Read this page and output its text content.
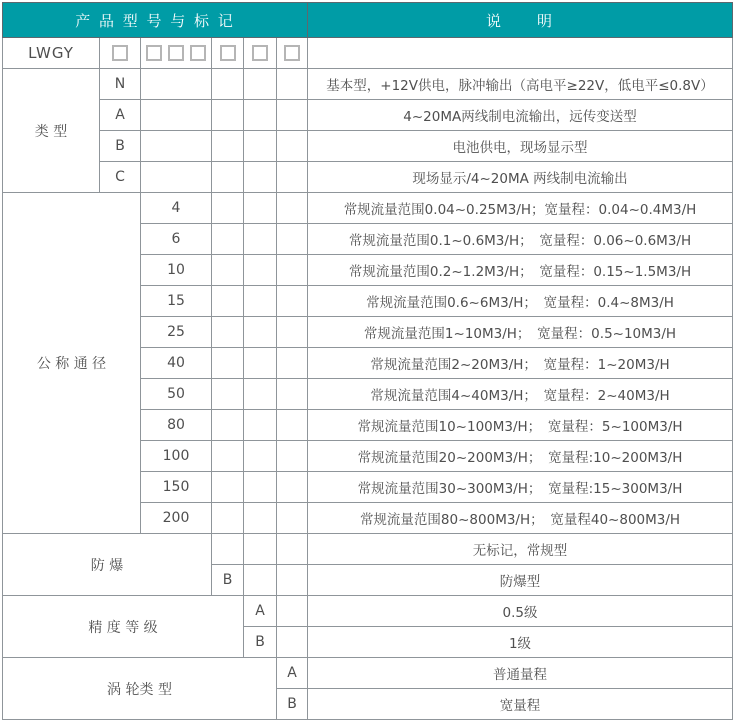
产 品 型 号 与 标 记						说　　明
LWGY						
类 型	N					基本型，+12V供电，脉冲输出（高电平≥22V，低电平≤0.8V）
	A					4~20MA两线制电流输出，远传变送型
	B					电池供电，现场显示型
	C					现场显示/4~20MA 两线制电流输出
公 称 通 径		4				常规流量范围0.04~0.25M3/H；宽量程：0.04~0.4M3/H
		6				常规流量范围0.1~0.6M3/H；　宽量程：0.06~0.6M3/H
		10				常规流量范围0.2~1.2M3/H；　宽量程：0.15~1.5M3/H
		15				常规流量范围0.6~6M3/H；　宽量程：0.4~8M3/H
		25				常规流量范围1~10M3/H；　宽量程：0.5~10M3/H
		40				常规流量范围2~20M3/H；　宽量程：1~20M3/H
		50				常规流量范围4~40M3/H；　宽量程：2~40M3/H
		80				常规流量范围10~100M3/H；　宽量程：5~100M3/H
		100				常规流量范围20~200M3/H；　宽量程:10~200M3/H
		150				常规流量范围30~300M3/H；　宽量程:15~300M3/H
		200				常规流量范围80~800M3/H；　宽量程40~800M3/H
防 爆						无标记，常规型
			B			防爆型
精 度 等 级				A		0.5级
				B		1级
涡 轮类 型					A	普通量程
					B	宽量程
